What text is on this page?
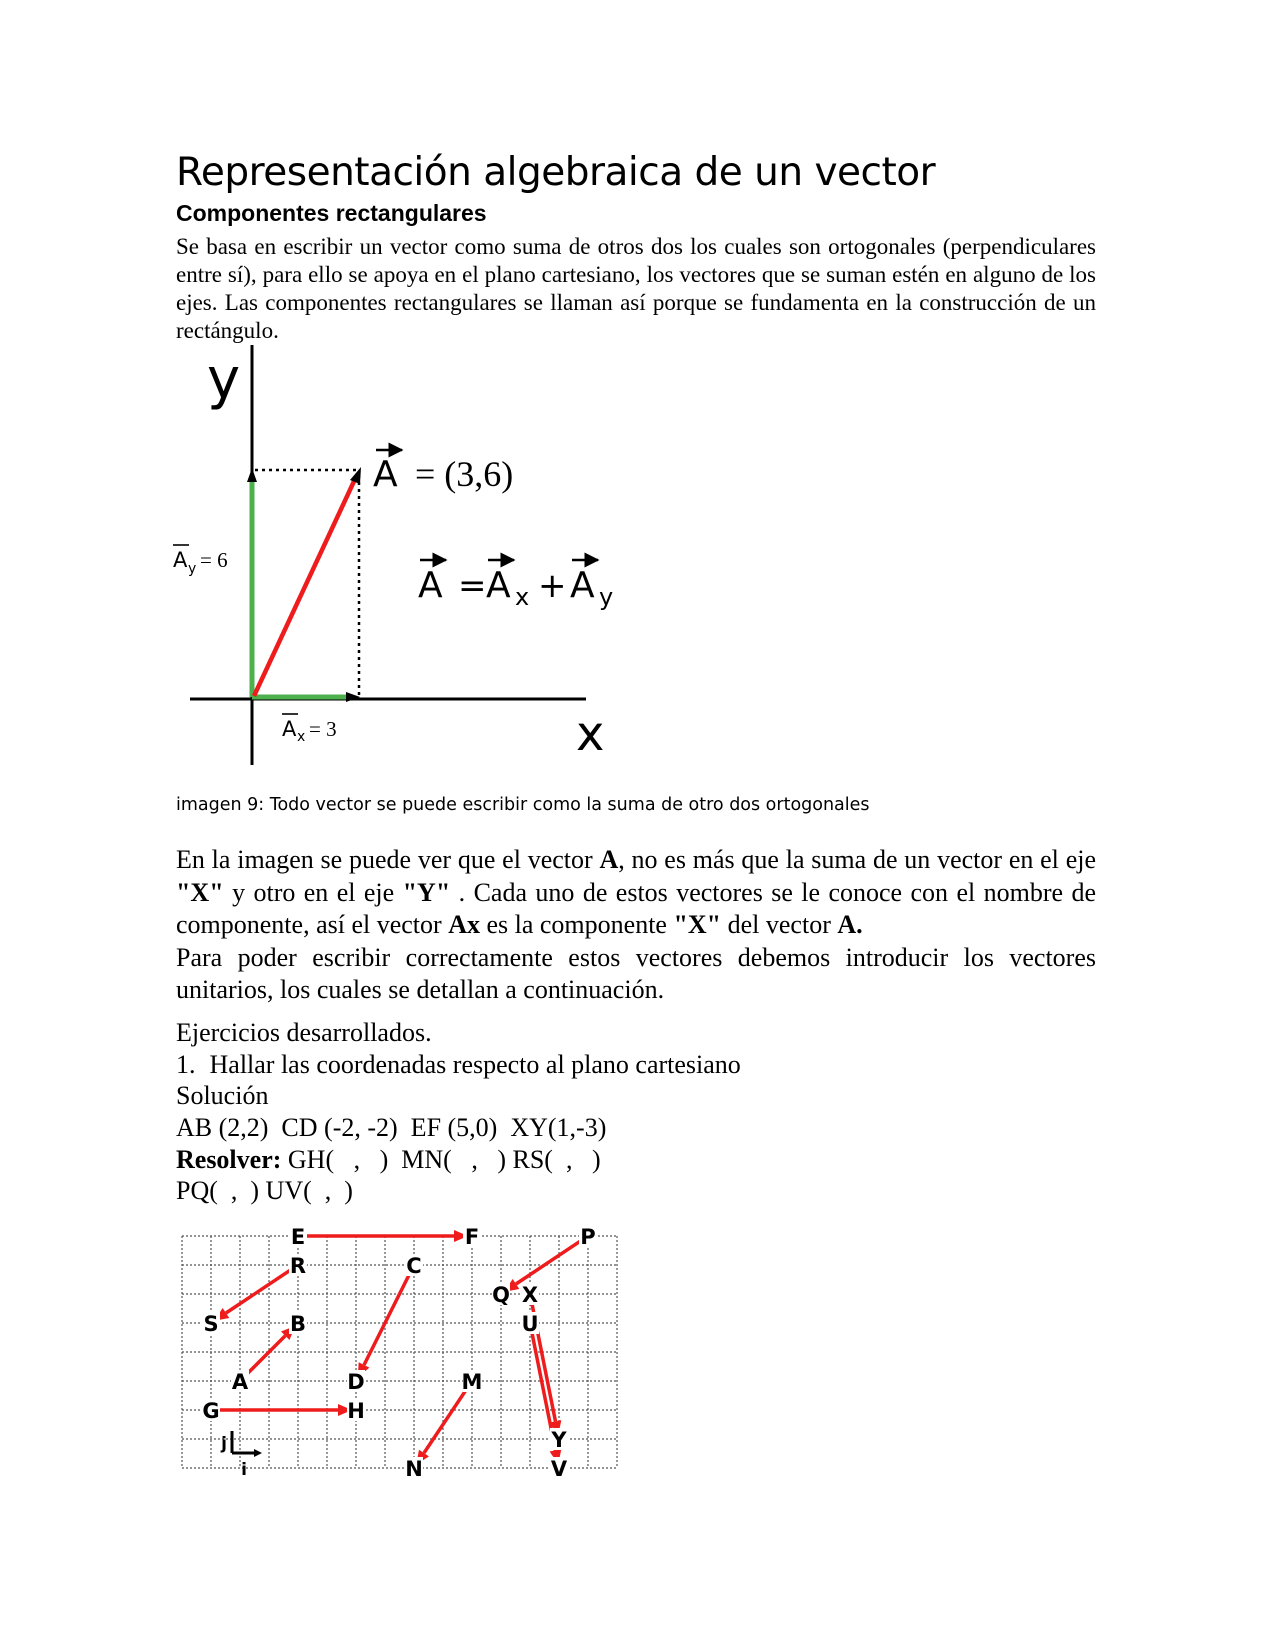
Representación algebraica de un vector
Componentes rectangulares
Se basa en escribir un vector como suma de otros dos los cuales son ortogonales (perpendiculares entre sí), para ello se apoya en el plano cartesiano, los vectores que se suman estén en alguno de los ejes. Las componentes rectangulares se llaman así porque se fundamenta en la construcción de un rectángulo.
y
x
A = (3,6)
A y = 6
A x = 3
A = A x + A y
imagen 9: Todo vector se puede escribir como la suma de otro dos ortogonales
En la imagen se puede ver que el vector A, no es más que la suma de un vector en el eje "X" y otro en el eje "Y" . Cada uno de estos vectores se le conoce con el nombre de componente, así el vector Ax es la componente "X" del vector A.
Para poder escribir correctamente estos vectores debemos introducir los vectores unitarios, los cuales se detallan a continuación.
Ejercicios desarrollados.
1. Hallar las coordenadas respecto al plano cartesiano
Solución
AB (2,2)  CD (-2, -2)  EF (5,0)  XY(1,-3)
Resolver: GH(   ,   )  MN(   ,   ) RS(  ,   )
PQ(  ,  ) UV(  ,  )
E	F	P
R	C
Q X
S	B	U
D
A	M
G	H
Y
N	V
j
i
